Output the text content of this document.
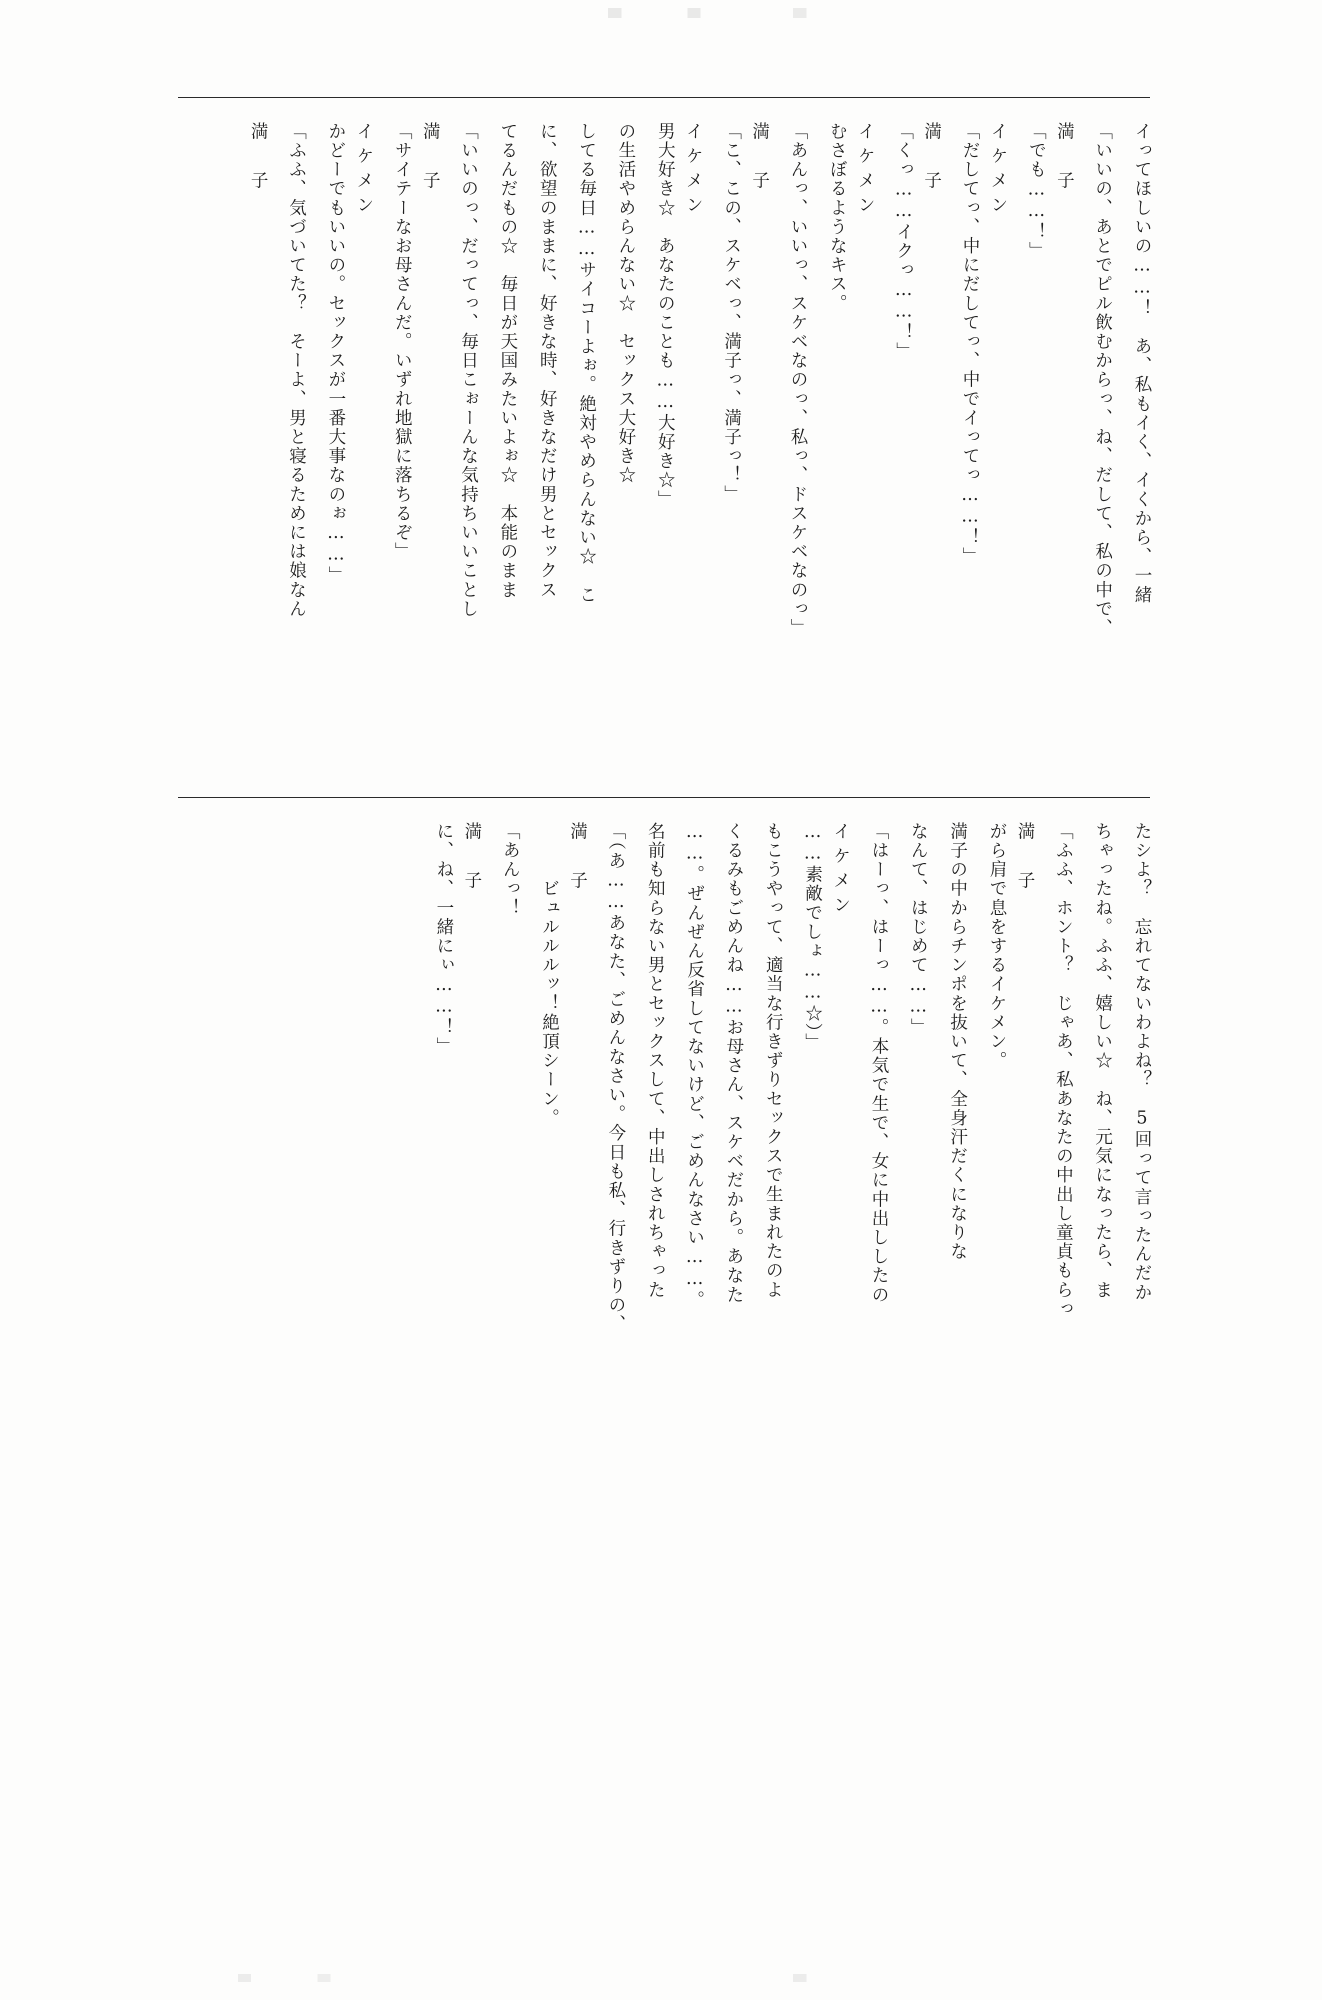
満　子 「ふふ、気づいてた？　そーよ、男と寝るためには娘なん かどーでもいいの。セックスが一番大事なのぉ……」 イケメン 「サイテーなお母さんだ。いずれ地獄に落ちるぞ」 満　子 「いいのっ、だってっ、毎日こぉーんな気持ちいいことし てるんだもの☆　毎日が天国みたいよぉ☆　本能のまま に、欲望のままに、好きな時、好きなだけ男とセックス してる毎日……サイコーよぉ。絶対やめらんない☆　こ の生活やめらんない☆　セックス大好き☆ 男大好き☆　あなたのことも……大好き☆」 イケメン 「こ、この、スケベっ、満子っ、満子っ！」 満　子 「あんっ、いいっ、スケベなのっ、私っ、ドスケベなのっ」 むさぼるようなキス。 イケメン 「くっ……イクっ……！」 満　子 「だしてっ、中にだしてっ、中でイってっ……！」 イケメン 「でも……！」 満　子 「いいの、あとでピル飲むからっ、ね、だして、私の中で、 イってほしいの……！　あ、私もイく、イくから、一緒
に、ね、一緒にぃ……！」 満　子 「あんっ！ 　　　ビュルルルッ！絶頂シーン。 満　子 「（あ……あなた、ごめんなさい。今日も私、行きずりの、 名前も知らない男とセックスして、中出しされちゃった ……。ぜんぜん反省してないけど、ごめんなさい……。 くるみもごめんね……お母さん、スケベだから。あなた もこうやって、適当な行きずりセックスで生まれたのよ ……素敵でしょ……☆）」 イケメン 「はーっ、はーっ……。本気で生で、女に中出ししたの なんて、はじめて……」 満子の中からチンポを抜いて、全身汗だくになりな がら肩で息をするイケメン。 満　子 「ふふ、ホント？　じゃあ、私あなたの中出し童貞もらっ ちゃったね。ふふ、嬉しい☆　ね、元気になったら、ま たシよ？　忘れてないわよね？　5回って言ったんだか
